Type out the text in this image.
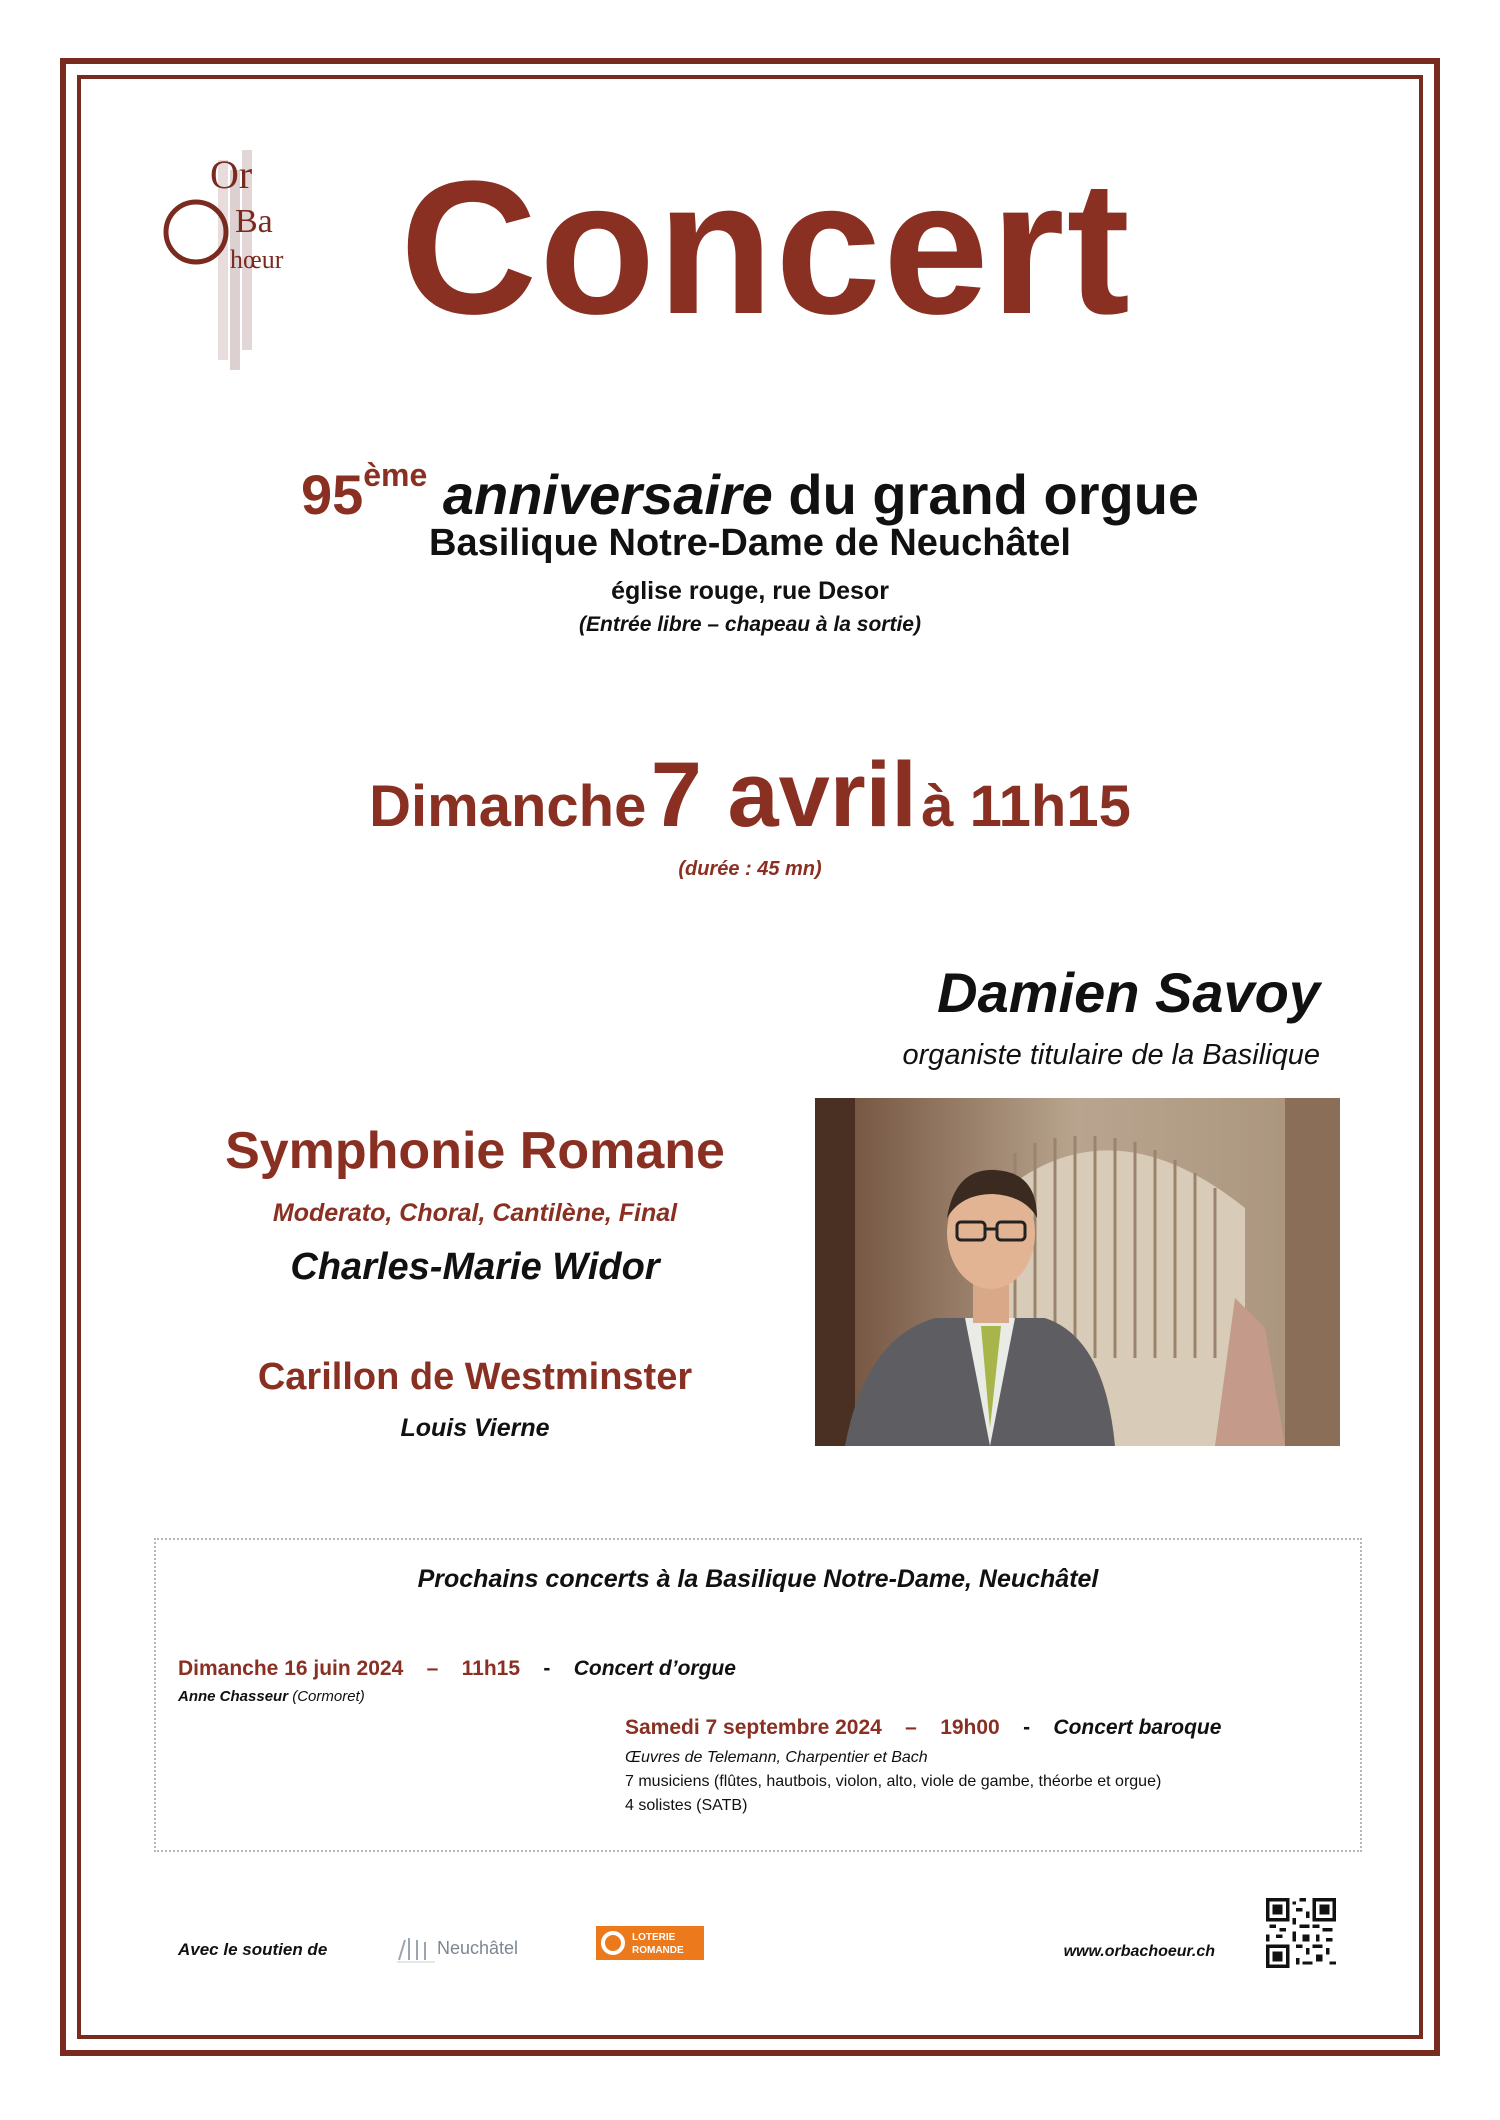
Or
Ba
hœur Concert
95ème anniversaire du grand orgue
Basilique Notre-Dame de Neuchâtel
église rouge, rue Desor
(Entrée libre – chapeau à la sortie)
Dimanche 7 avril à 11h15
(durée : 45 mn)
Damien Savoy
organiste titulaire de la Basilique
Symphonie Romane
Moderato, Choral, Cantilène, Final
Charles-Marie Widor
Carillon de Westminster
Louis Vierne
Prochains concerts à la Basilique Notre-Dame, Neuchâtel
Dimanche 16 juin 2024 – 11h15 - Concert d’orgue
Anne Chasseur (Cormoret)
Samedi 7 septembre 2024 – 19h00 - Concert baroque
Œuvres de Telemann, Charpentier et Bach
7 musiciens (flûtes, hautbois, violon, alto, viole de gambe, théorbe et orgue)
4 solistes (SATB)
Avec le soutien de	Neuchâtel
LOTERIE
ROMANDE	www.orbachoeur.ch
